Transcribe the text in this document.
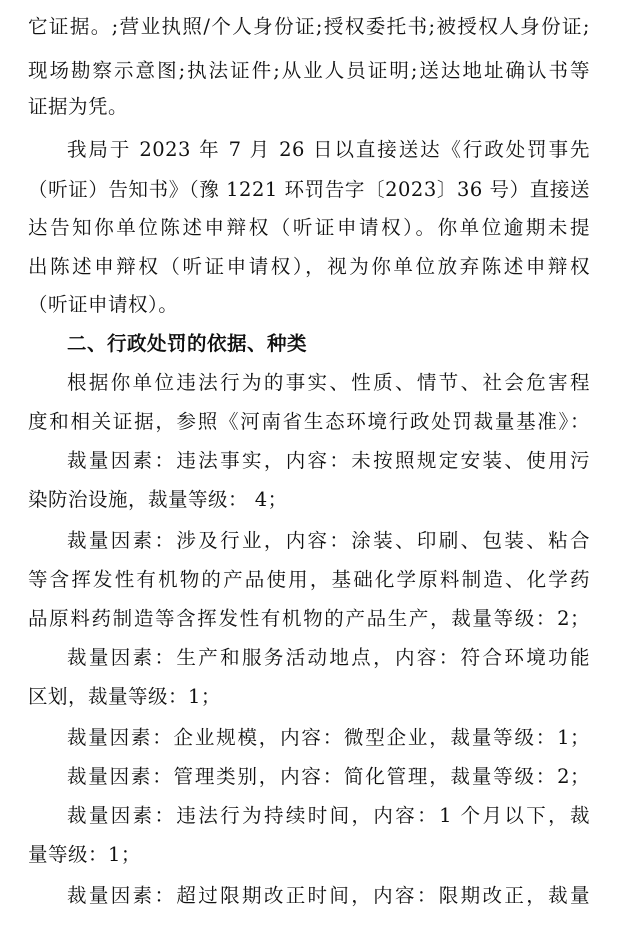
它证据。;营业执照/个人身份证;授权委托书;被授权人身份证;
现场勘察示意图;执法证件;从业人员证明;送达地址确认书等
证据为凭。
我局于 2023 年 7 月 26 日以直接送达《行政处罚事先
（听证）告知书》（豫 1221 环罚告字〔2023〕36 号）直接送
达告知你单位陈述申辩权（听证申请权）。你单位逾期未提
出陈述申辩权（听证申请权），视为你单位放弃陈述申辩权
（听证申请权）。
二、行政处罚的依据、种类
根据你单位违法行为的事实、性质、情节、社会危害程
度和相关证据，参照《河南省生态环境行政处罚裁量基准》：
裁量因素：违法事实，内容：未按照规定安装、使用污
染防治设施，裁量等级： 4；
裁量因素：涉及行业，内容：涂装、印刷、包装、粘合
等含挥发性有机物的产品使用，基础化学原料制造、化学药
品原料药制造等含挥发性有机物的产品生产，裁量等级：2；
裁量因素：生产和服务活动地点，内容：符合环境功能
区划，裁量等级：1；
裁量因素：企业规模，内容：微型企业，裁量等级：1；
裁量因素：管理类别，内容：简化管理，裁量等级：2；
裁量因素：违法行为持续时间，内容：1 个月以下，裁
量等级：1；
裁量因素：超过限期改正时间，内容：限期改正，裁量
